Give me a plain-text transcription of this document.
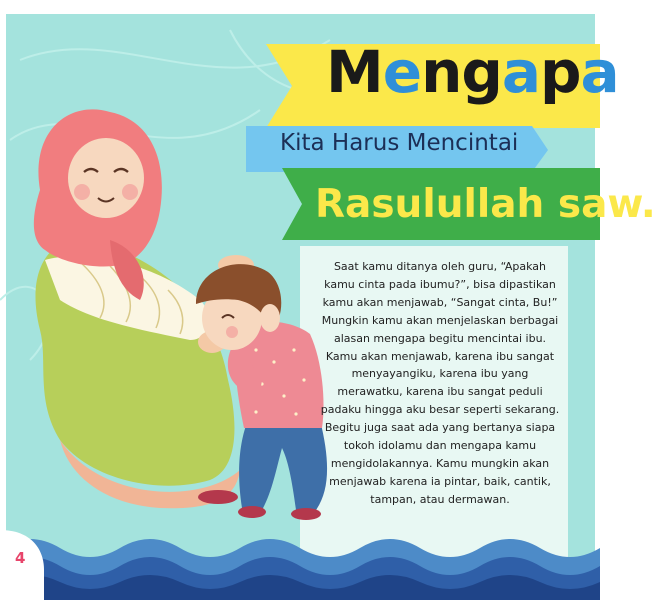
Mengapa
Kita Harus Mencintai
Rasulullah saw.

Saat kamu ditanya oleh guru, “Apakah kamu cinta pada ibumu?”, bisa dipastikan kamu akan menjawab, “Sangat cinta, Bu!” Mungkin kamu akan menjelaskan berbagai alasan mengapa begitu mencintai ibu. Kamu akan menjawab, karena ibu sangat menyayangiku, karena ibu yang merawatku, karena ibu sangat peduli padaku hingga aku besar seperti sekarang.

Begitu juga saat ada yang bertanya siapa tokoh idolamu dan mengapa kamu mengidolakannya. Kamu mungkin akan menjawab karena ia pintar, baik, cantik, tampan, atau dermawan.

4
